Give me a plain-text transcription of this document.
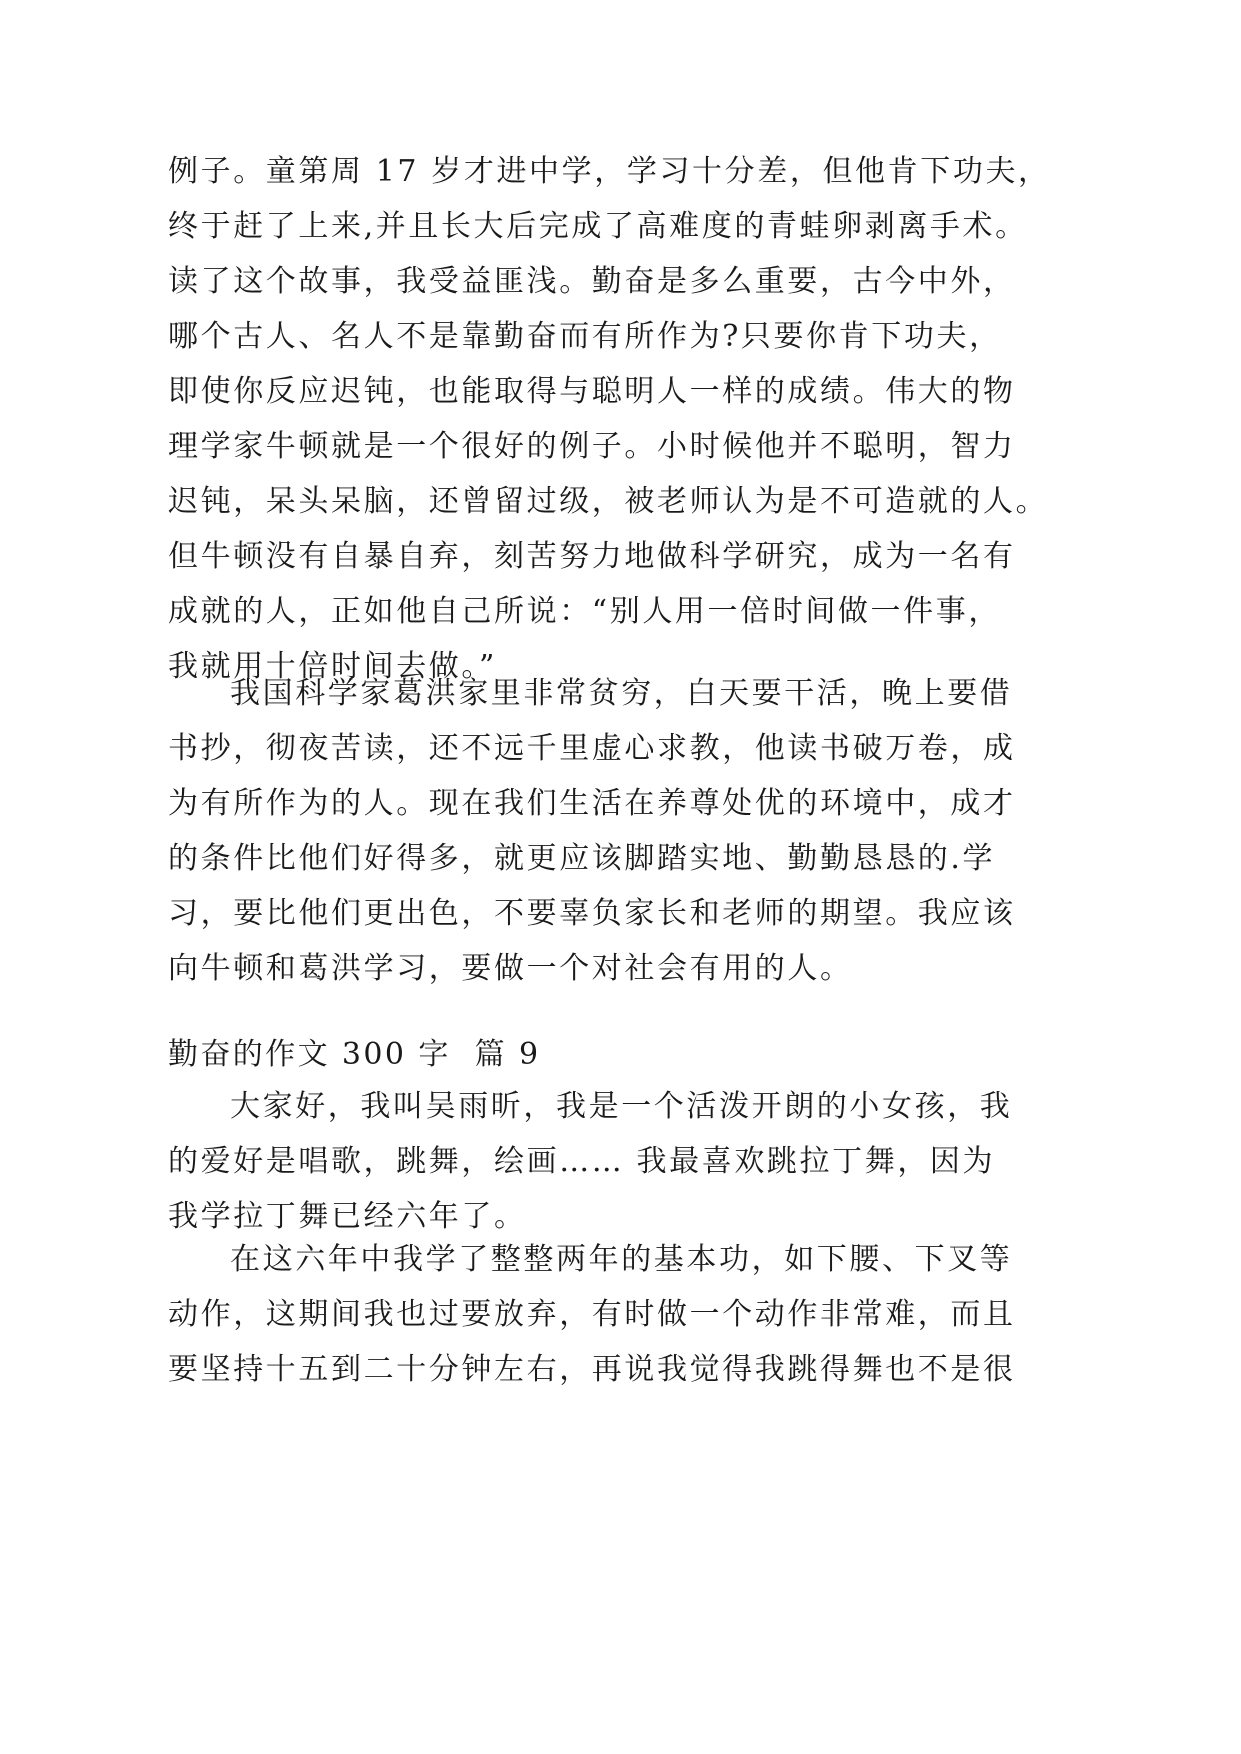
例子。童第周 17 岁才进中学，学习十分差，但他肯下功夫，
终于赶了上来,并且长大后完成了高难度的青蛙卵剥离手术。
读了这个故事，我受益匪浅。勤奋是多么重要，古今中外，
哪个古人、名人不是靠勤奋而有所作为?只要你肯下功夫，
即使你反应迟钝，也能取得与聪明人一样的成绩。伟大的物
理学家牛顿就是一个很好的例子。小时候他并不聪明，智力
迟钝，呆头呆脑，还曾留过级，被老师认为是不可造就的人。
但牛顿没有自暴自弃，刻苦努力地做科学研究，成为一名有
成就的人，正如他自己所说：“别人用一倍时间做一件事，
我就用十倍时间去做。”
我国科学家葛洪家里非常贫穷，白天要干活，晚上要借
书抄，彻夜苦读，还不远千里虚心求教，他读书破万卷，成
为有所作为的人。现在我们生活在养尊处优的环境中，成才
的条件比他们好得多，就更应该脚踏实地、勤勤恳恳的.学
习，要比他们更出色，不要辜负家长和老师的期望。我应该
向牛顿和葛洪学习，要做一个对社会有用的人。
勤奋的作文 300 字  篇 9
大家好，我叫吴雨昕，我是一个活泼开朗的小女孩，我
的爱好是唱歌，跳舞，绘画…… 我最喜欢跳拉丁舞，因为
我学拉丁舞已经六年了。
在这六年中我学了整整两年的基本功，如下腰、下叉等
动作，这期间我也过要放弃，有时做一个动作非常难，而且
要坚持十五到二十分钟左右，再说我觉得我跳得舞也不是很
